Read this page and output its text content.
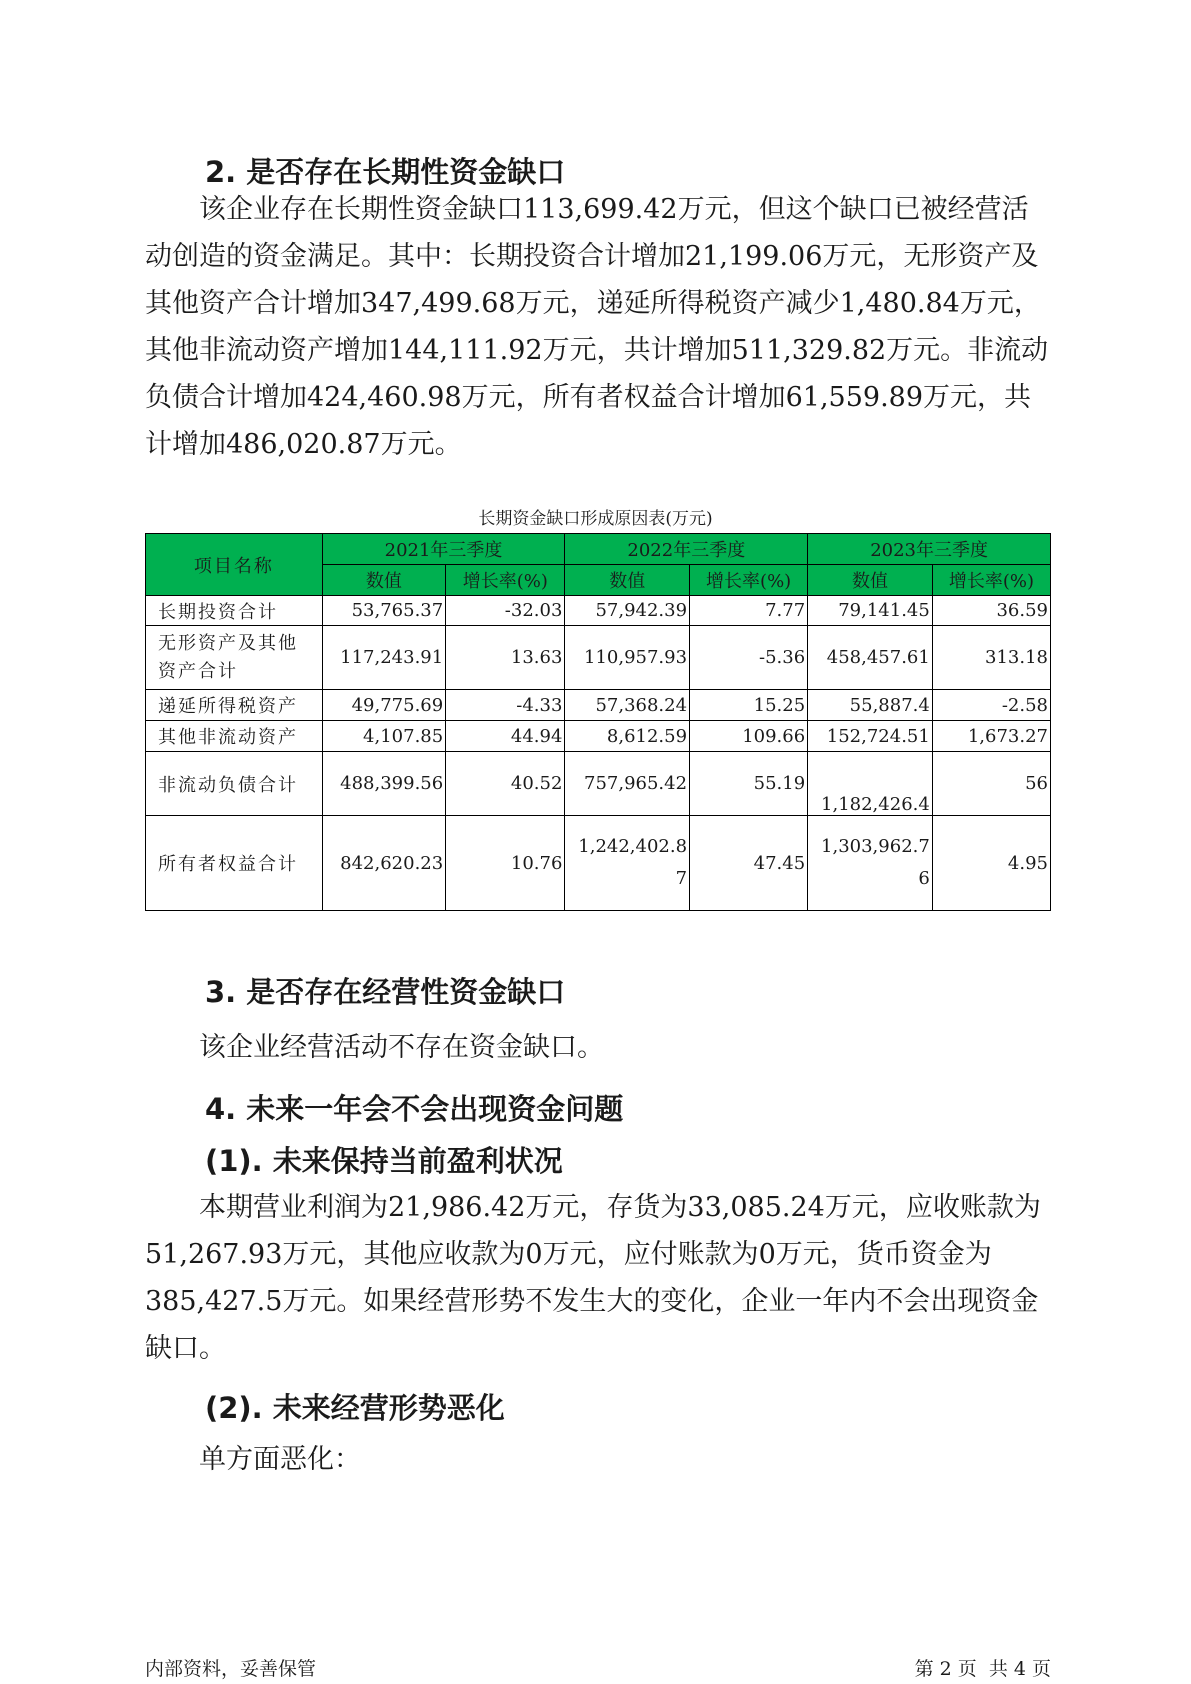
2. 是否存在长期性资金缺口

该企业存在长期性资金缺口113,699.42万元，但这个缺口已被经营活动创造的资金满足。其中：长期投资合计增加21,199.06万元，无形资产及其他资产合计增加347,499.68万元，递延所得税资产减少1,480.84万元，其他非流动资产增加144,111.92万元，共计增加511,329.82万元。非流动负债合计增加424,460.98万元，所有者权益合计增加61,559.89万元，共计增加486,020.87万元。

长期资金缺口形成原因表(万元)
项目名称	2021年三季度		2022年三季度		2023年三季度	
	数值	增长率(%)	数值	增长率(%)	数值	增长率(%)
长期投资合计	53,765.37	-32.03	57,942.39	7.77	79,141.45	36.59
无形资产及其他资产合计	117,243.91	13.63	110,957.93	-5.36	458,457.61	313.18
递延所得税资产	49,775.69	-4.33	57,368.24	15.25	55,887.4	-2.58
其他非流动资产	4,107.85	44.94	8,612.59	109.66	152,724.51	1,673.27
非流动负债合计	488,399.56	40.52	757,965.42	55.19	1,182,426.4	56
所有者权益合计	842,620.23	10.76	1,242,402.87	47.45	1,303,962.76	4.95
3. 是否存在经营性资金缺口

该企业经营活动不存在资金缺口。

4. 未来一年会不会出现资金问题
(1). 未来保持当前盈利状况

本期营业利润为21,986.42万元，存货为33,085.24万元，应收账款为51,267.93万元，其他应收款为0万元，应付账款为0万元，货币资金为385,427.5万元。如果经营形势不发生大的变化，企业一年内不会出现资金缺口。

(2). 未来经营形势恶化

单方面恶化：

内部资料，妥善保管	第 2 页  共 4 页
